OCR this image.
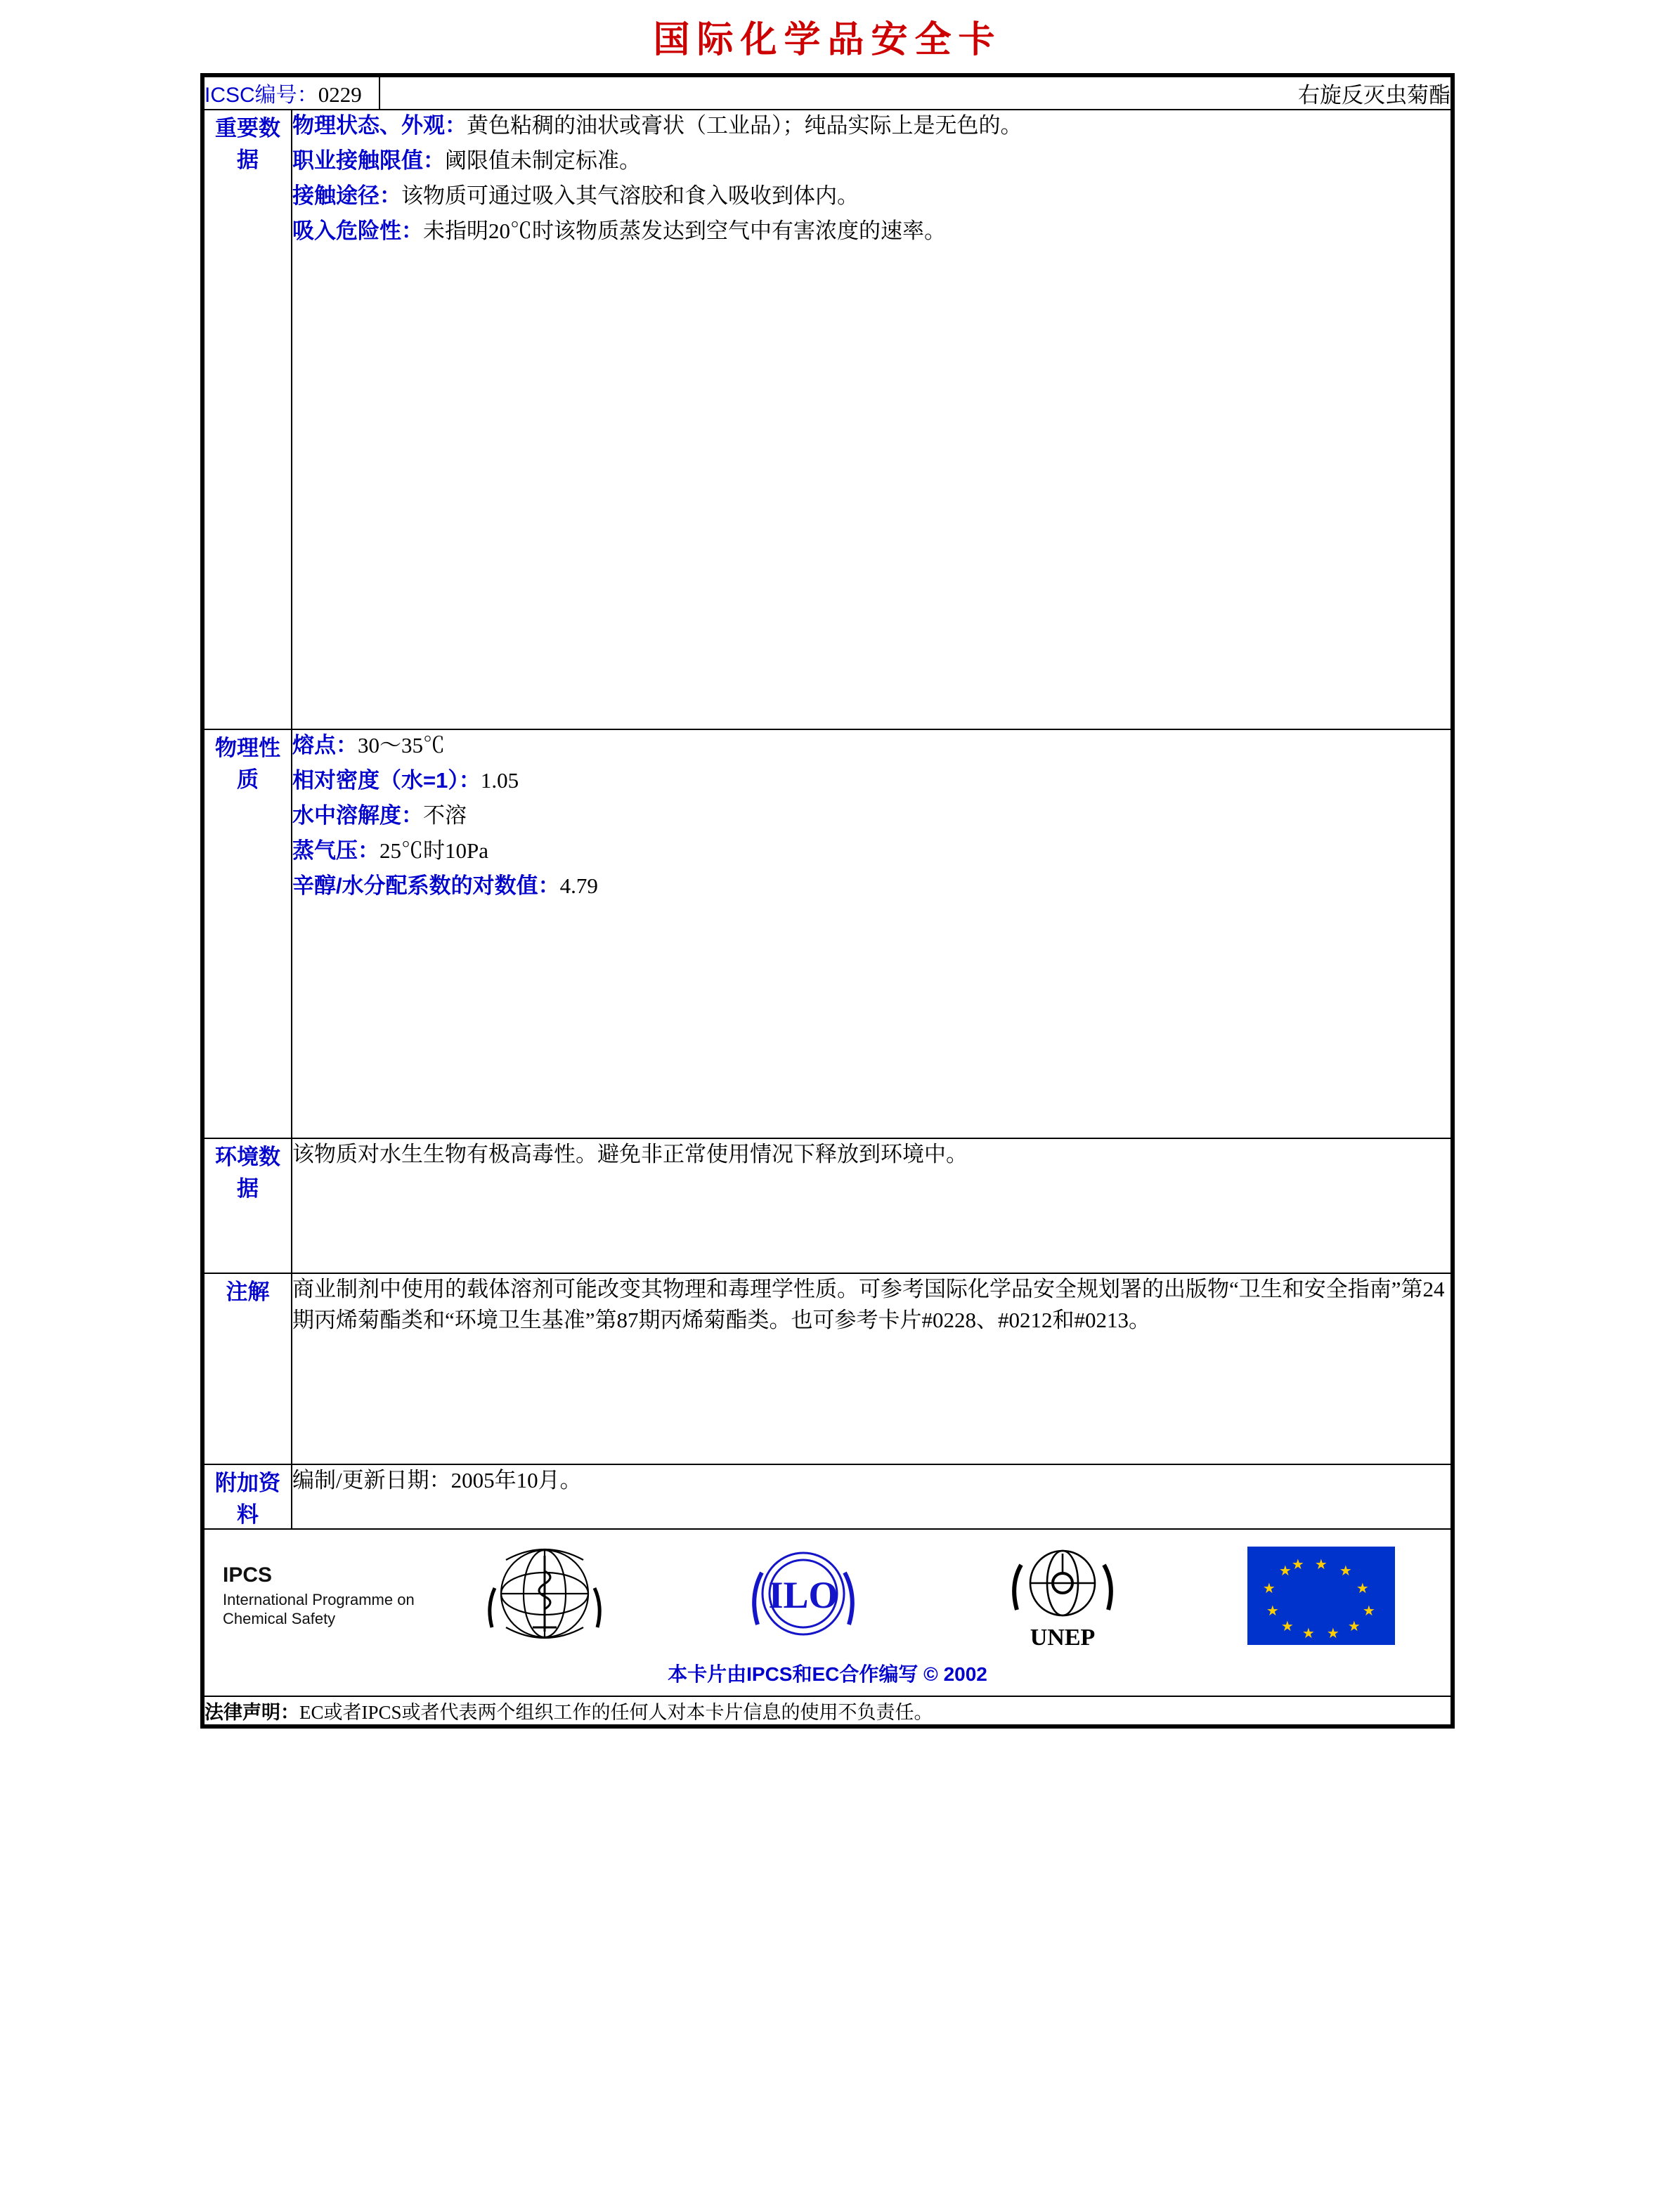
国际化学品安全卡
ICSC编号：0229		右旋反灭虫菊酯
重要数据	物理状态、外观：黄色粘稠的油状或膏状（工业品）；纯品实际上是无色的。

职业接触限值：阈限值未制定标准。

接触途径：该物质可通过吸入其气溶胶和食入吸收到体内。

吸入危险性：未指明20℃时该物质蒸发达到空气中有害浓度的速率。	

物理性质	熔点：30～35℃

相对密度（水=1）：1.05

水中溶解度：不溶

蒸气压：25℃时10Pa

辛醇/水分配系数的对数值：4.79	

环境数据	该物质对水生生物有极高毒性。避免非正常使用情况下释放到环境中。	
注解	商业制剂中使用的载体溶剂可能改变其物理和毒理学性质。可参考国际化学品安全规划署的出版物“卫生和安全指南”第24期丙烯菊酯类和“环境卫生基准”第87期丙烯菊酯类。也可参考卡片#0228、#0212和#0213。	
附加资料	编制/更新日期：2005年10月。	

IPCS
International Programme on Chemical Safety
ILO
UNEP
★ ★
★
★
★
★
★
★
★
★
★ ★
本卡片由IPCS和EC合作编写 © 2002

法律声明：EC或者IPCS或者代表两个组织工作的任何人对本卡片信息的使用不负责任。		
